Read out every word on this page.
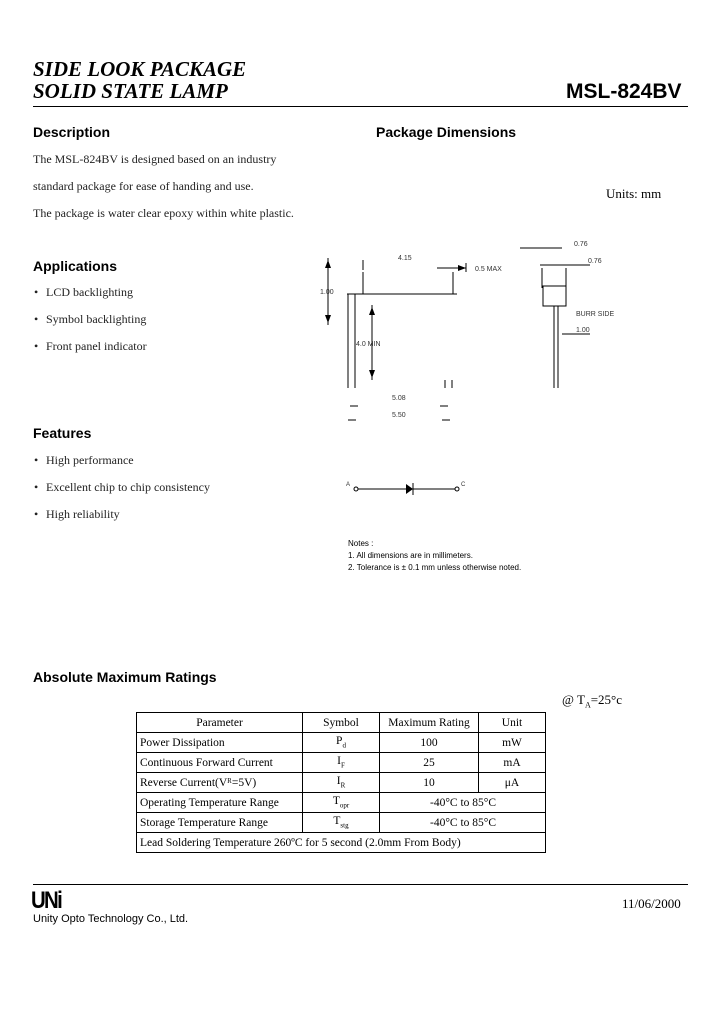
SIDE LOOK PACKAGE
SOLID STATE LAMP	MSL-824BV
Description
The MSL-824BV is designed based on an industry
standard package for ease of handing and use.
The package is water clear epoxy within white plastic.
Applications
• LCD backlighting
• Symbol backlighting
• Front panel indicator
Features
• High performance
• Excellent chip to chip consistency
• High reliability
Package Dimensions
Units: mm
4.15
1.00
4.0 MIN
5.08
5.50
0.5 MAX
0.76
0.76
BURR SIDE
1.00
A	C
Notes :
1. All dimensions are in millimeters.
2. Tolerance is ± 0.1 mm unless otherwise noted.
Absolute Maximum Ratings
@ $T_A=25^\circ c$
Parameter	Symbol	Maximum Rating	Unit
Power Dissipation	$P_d$	100	mW
Continuous Forward Current	$I_F$	25	mA
Reverse Current(Vᴿ=5V)	$I_R$	10	μA
Operating Temperature Range	$T_{opr}$	-40°C to 85°C	
Storage Temperature Range	$T_{stg}$	-40°C to 85°C	
Lead Soldering Temperature 260ºC for 5 second (2.0mm From Body)			
UNi
Unity Opto Technology Co., Ltd.
11/06/2000
